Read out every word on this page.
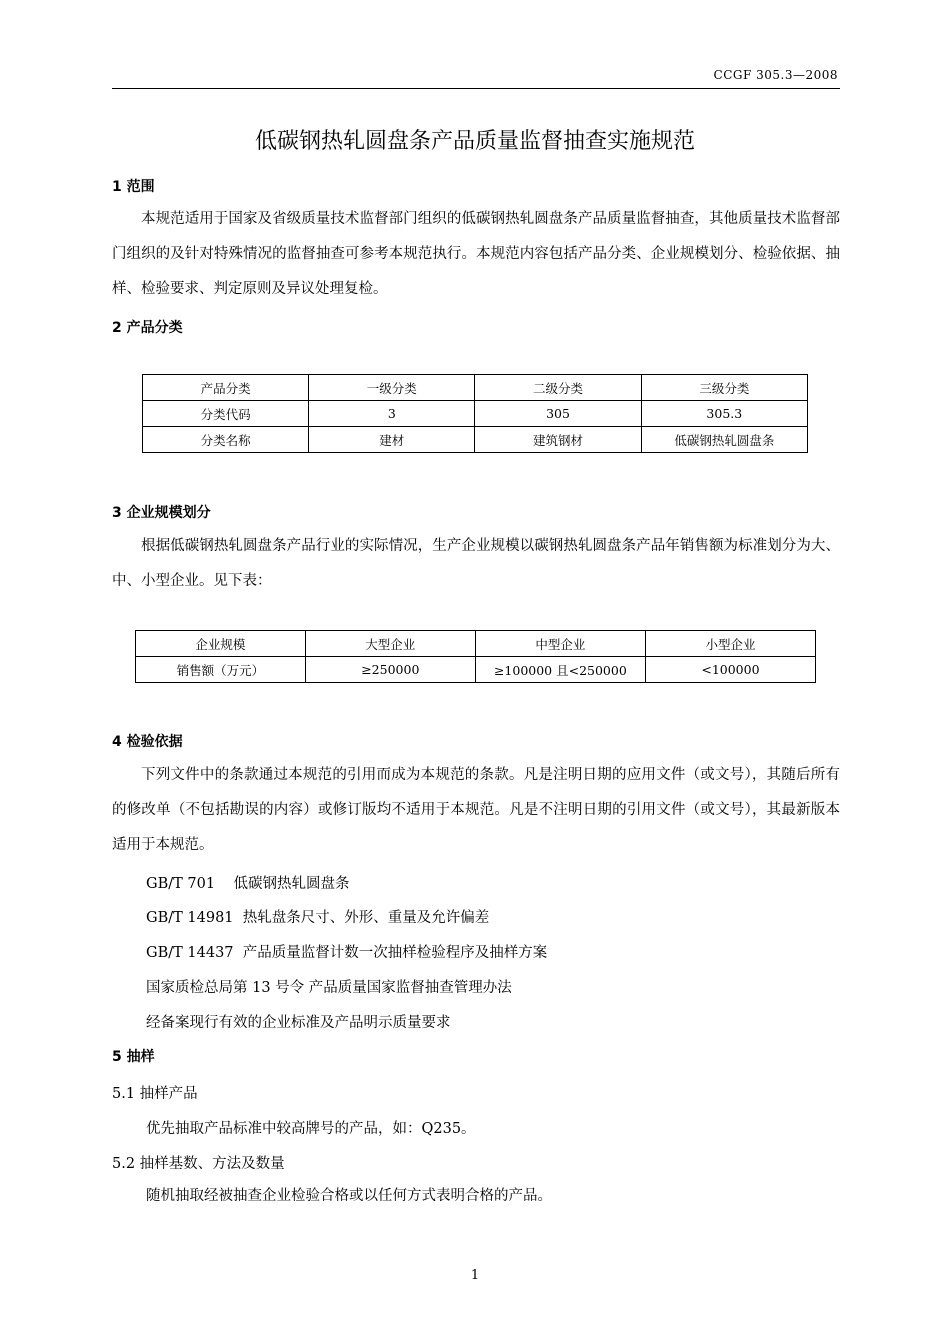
CCGF 305.3—2008
低碳钢热轧圆盘条产品质量监督抽查实施规范
1 范围
本规范适用于国家及省级质量技术监督部门组织的低碳钢热轧圆盘条产品质量监督抽查，其他质量技术监督部门组织的及针对特殊情况的监督抽查可参考本规范执行。本规范内容包括产品分类、企业规模划分、检验依据、抽样、检验要求、判定原则及异议处理复检。
2 产品分类
产品分类	一级分类	二级分类	三级分类
分类代码	3	305	305.3
分类名称	建材	建筑钢材	低碳钢热轧圆盘条
3 企业规模划分
根据低碳钢热轧圆盘条产品行业的实际情况，生产企业规模以碳钢热轧圆盘条产品年销售额为标准划分为大、中、小型企业。见下表：
企业规模	大型企业	中型企业	小型企业
销售额（万元）	≥250000	≥100000 且<250000	<100000
4 检验依据
下列文件中的条款通过本规范的引用而成为本规范的条款。凡是注明日期的应用文件（或文号），其随后所有的修改单（不包括勘误的内容）或修订版均不适用于本规范。凡是不注明日期的引用文件（或文号），其最新版本适用于本规范。
GB/T 701    低碳钢热轧圆盘条
GB/T 14981  热轧盘条尺寸、外形、重量及允许偏差
GB/T 14437  产品质量监督计数一次抽样检验程序及抽样方案
国家质检总局第 13 号令 产品质量国家监督抽查管理办法
经备案现行有效的企业标准及产品明示质量要求
5 抽样
5.1 抽样产品
优先抽取产品标准中较高牌号的产品，如：Q235。
5.2 抽样基数、方法及数量
随机抽取经被抽查企业检验合格或以任何方式表明合格的产品。
1
